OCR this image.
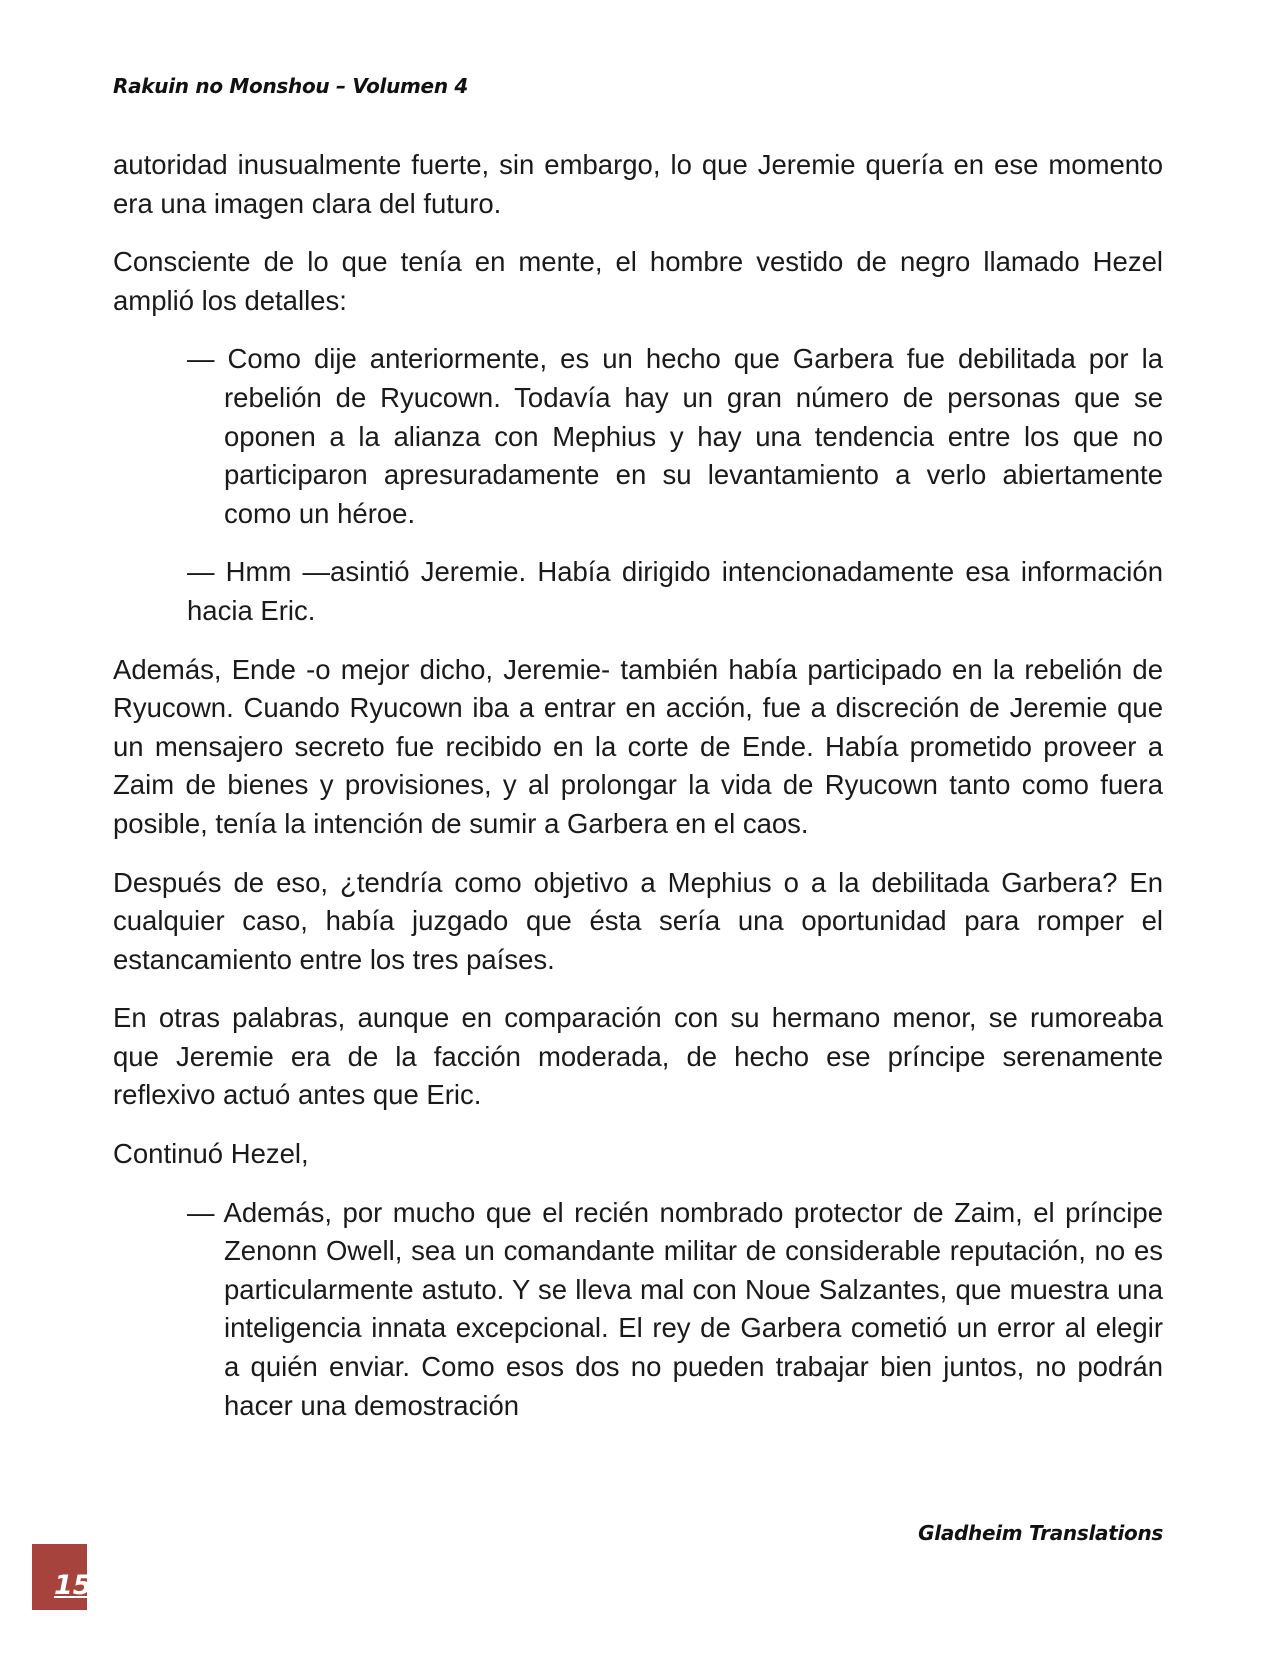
Rakuin no Monshou – Volumen 4

autoridad inusualmente fuerte, sin embargo, lo que Jeremie quería en ese momento era una imagen clara del futuro.

Consciente de lo que tenía en mente, el hombre vestido de negro llamado Hezel amplió los detalles:

— Como dije anteriormente, es un hecho que Garbera fue debilitada por la rebelión de Ryucown. Todavía hay un gran número de personas que se oponen a la alianza con Mephius y hay una tendencia entre los que no participaron apresuradamente en su levantamiento a verlo abiertamente como un héroe.

— Hmm —asintió Jeremie. Había dirigido intencionadamente esa información hacia Eric.

Además, Ende -o mejor dicho, Jeremie- también había participado en la rebelión de Ryucown. Cuando Ryucown iba a entrar en acción, fue a discreción de Jeremie que un mensajero secreto fue recibido en la corte de Ende. Había prometido proveer a Zaim de bienes y provisiones, y al prolongar la vida de Ryucown tanto como fuera posible, tenía la intención de sumir a Garbera en el caos.

Después de eso, ¿tendría como objetivo a Mephius o a la debilitada Garbera? En cualquier caso, había juzgado que ésta sería una oportunidad para romper el estancamiento entre los tres países.

En otras palabras, aunque en comparación con su hermano menor, se rumoreaba que Jeremie era de la facción moderada, de hecho ese príncipe serenamente reflexivo actuó antes que Eric.

Continuó Hezel,

— Además, por mucho que el recién nombrado protector de Zaim, el príncipe Zenonn Owell, sea un comandante militar de considerable reputación, no es particularmente astuto. Y se lleva mal con Noue Salzantes, que muestra una inteligencia innata excepcional. El rey de Garbera cometió un error al elegir a quién enviar. Como esos dos no pueden trabajar bien juntos, no podrán hacer una demostración

Gladheim Translations
15
